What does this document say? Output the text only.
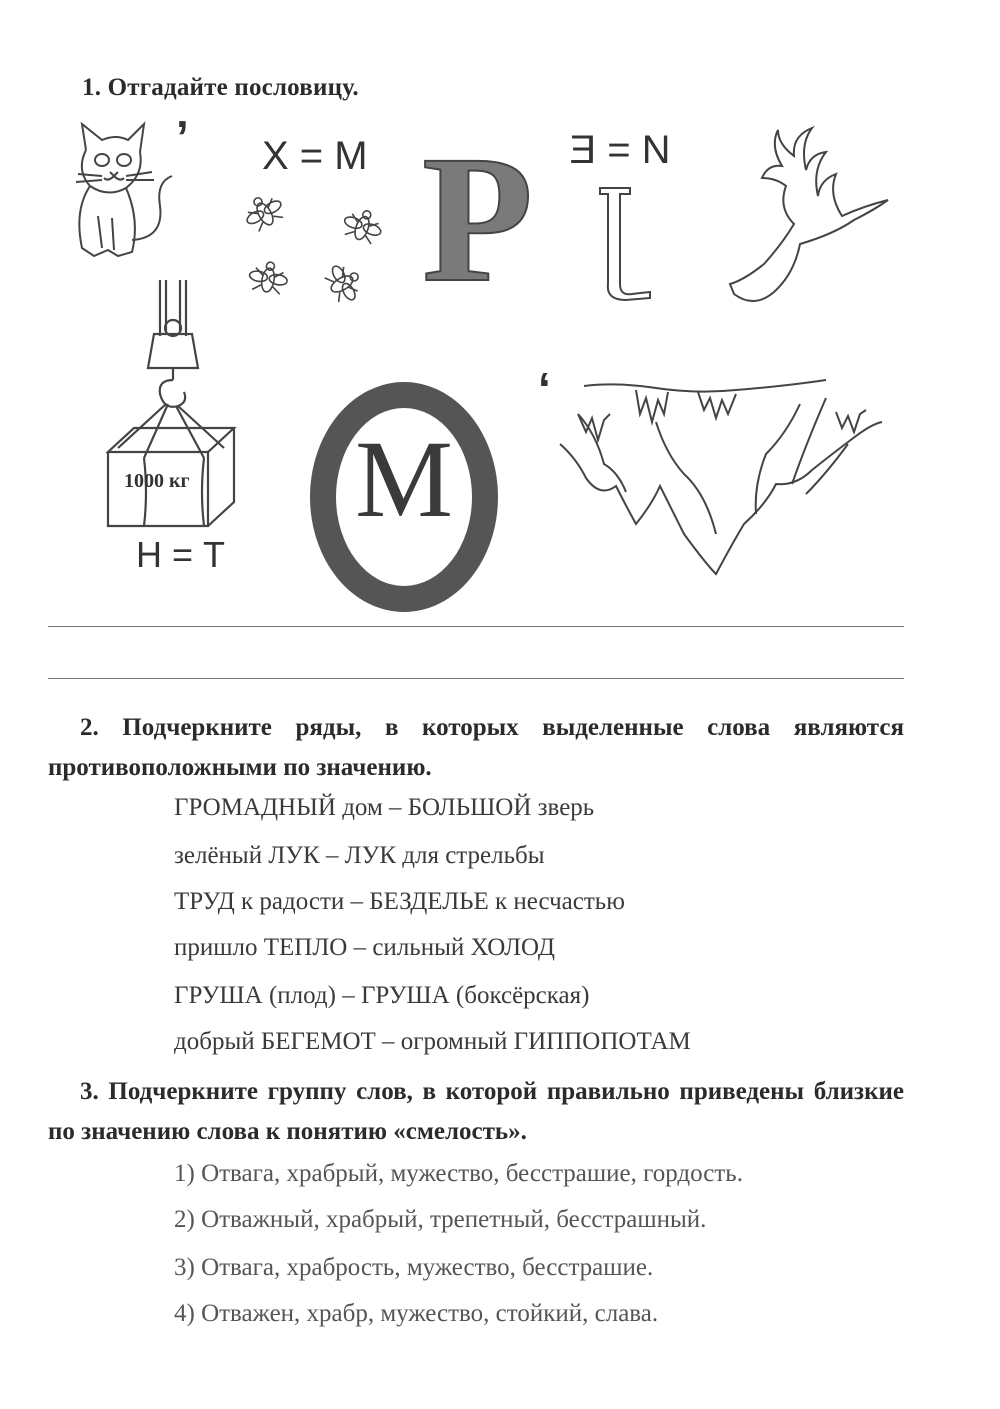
1. Отгадайте пословицу.
’ Х = М Р И = Е
1000 кг
Н = Т
М
‘
2. Подчеркните ряды, в которых выделенные слова являются противоположными по значению.
ГРОМАДНЫЙ дом – БОЛЬШОЙ зверь
зелёный ЛУК – ЛУК для стрельбы
ТРУД к радости – БЕЗДЕЛЬЕ к несчастью
пришло ТЕПЛО – сильный ХОЛОД
ГРУША (плод) – ГРУША (боксёрская)
добрый БЕГЕМОТ – огромный ГИППОПОТАМ
3. Подчеркните группу слов, в которой правильно приведены близкие по значению слова к понятию «смелость».
1) Отвага, храбрый, мужество, бесстрашие, гордость.
2) Отважный, храбрый, трепетный, бесстрашный.
3) Отвага, храбрость, мужество, бесстрашие.
4) Отважен, храбр, мужество, стойкий, слава.
